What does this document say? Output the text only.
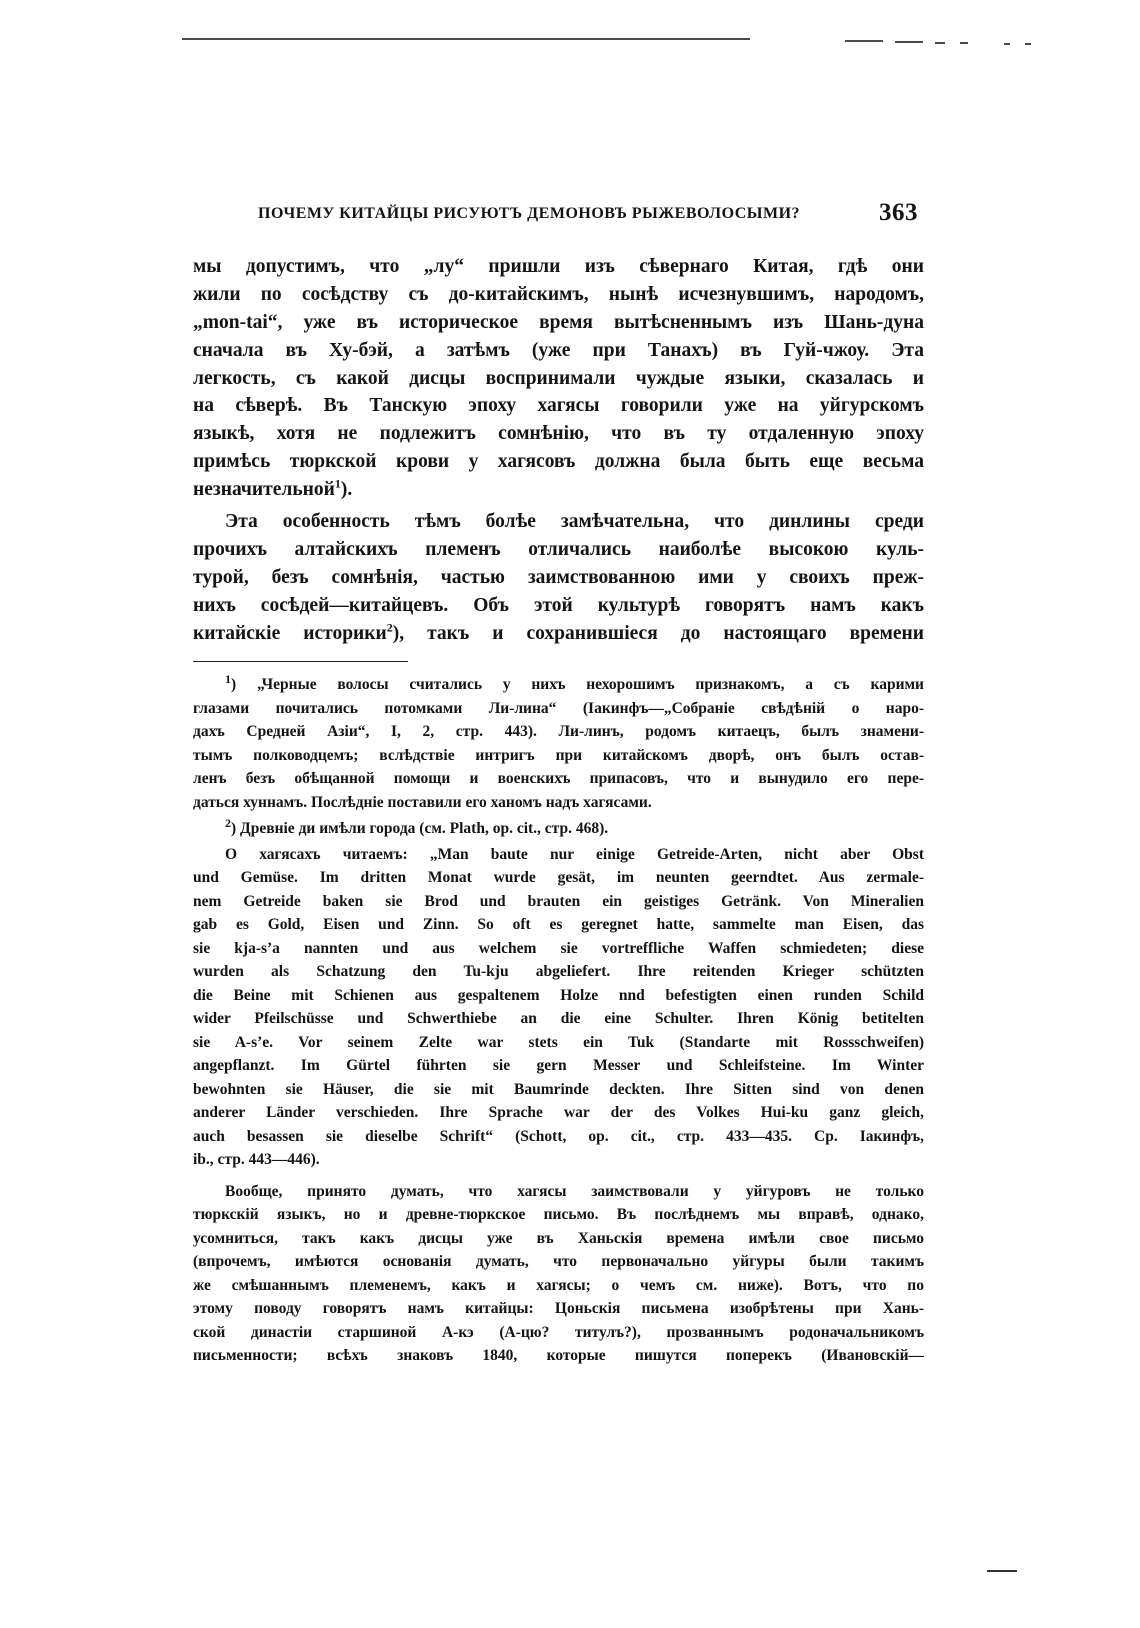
ПОЧЕМУ КИТАЙЦЫ РИСУЮТЪ ДЕМОНОВЪ РЫЖЕВОЛОСЫМИ?	363
мы допустимъ, что „лу“ пришли изъ сѣвернаго Китая, гдѣ они
жили по сосѣдству съ до-китайскимъ, нынѣ исчезнувшимъ, народомъ,
„mon-tai“, уже въ историческое время вытѣсненнымъ изъ Шань-дуна
сначала въ Ху-бэй, а затѣмъ (уже при Танахъ) въ Гуй-чжоу. Эта
легкость, съ какой дисцы воспринимали чуждые языки, сказалась и
на сѣверѣ. Въ Танскую эпоху хагясы говорили уже на уйгурскомъ
языкѣ, хотя не подлежитъ сомнѣнію, что въ ту отдаленную эпоху
примѣсь тюркской крови у хагясовъ должна была быть еще весьма
незначительной$^1$).
Эта особенность тѣмъ болѣе замѣчательна, что динлины среди
прочихъ алтайскихъ племенъ отличались наиболѣе высокою куль-
турой, безъ сомнѣнія, частью заимствованною ими у своихъ преж-
нихъ сосѣдей—китайцевъ. Объ этой культурѣ говорятъ намъ какъ
китайскіе историки$^2$), такъ и сохранившіеся до настоящаго времени
$^1$) „Черные волосы считались у нихъ нехорошимъ признакомъ, а съ карими
глазами почитались потомками Ли-лина“ (Іакинфъ—„Собраніе свѣдѣній о наро-
дахъ Средней Азіи“, I, 2, стр. 443). Ли-линъ, родомъ китаецъ, былъ знамени-
тымъ полководцемъ; вслѣдствіе интригъ при китайскомъ дворѣ, онъ былъ остав-
ленъ безъ обѣщанной помощи и военскихъ припасовъ, что и вынудило его пере-
даться хуннамъ. Послѣдніе поставили его ханомъ надъ хагясами.
$^2$) Древніе ди имѣли города (см. Plath, op. cit., стр. 468).
О хагясахъ читаемъ: „Man baute nur einige Getreide-Arten, nicht aber Obst
und Gemüse. Im dritten Monat wurde gesät, im neunten geerndtet. Aus zermale-
nem Getreide baken sie Brod und brauten ein geistiges Getränk. Von Mineralien
gab es Gold, Eisen und Zinn. So oft es geregnet hatte, sammelte man Eisen, das
sie kja-s’a nannten und aus welchem sie vortreffliche Waffen schmiedeten; diese
wurden als Schatzung den Tu-kju abgeliefert. Ihre reitenden Krieger schützten
die Beine mit Schienen aus gespaltenem Holze nnd befestigten einen runden Schild
wider Pfeilschüsse und Schwerthiebe an die eine Schulter. Ihren König betitelten
sie A-s’e. Vor seinem Zelte war stets ein Tuk (Standarte mit Rossschweifen)
angepflanzt. Im Gürtel führten sie gern Messer und Schleifsteine. Im Winter
bewohnten sie Häuser, die sie mit Baumrinde deckten. Ihre Sitten sind von denen
anderer Länder verschieden. Ihre Sprache war der des Volkes Hui-ku ganz gleich,
auch besassen sie dieselbe Schrift“ (Schott, op. cit., стр. 433—435. Ср. Іакинфъ,
ib., стр. 443—446).
Вообще, принято думать, что хагясы заимствовали у уйгуровъ не только
тюркскій языкъ, но и древне-тюркское письмо. Въ послѣднемъ мы вправѣ, однако,
усомниться, такъ какъ дисцы уже въ Ханьскія времена имѣли свое письмо
(впрочемъ, имѣются основанія думать, что первоначально уйгуры были такимъ
же смѣшаннымъ племенемъ, какъ и хагясы; о чемъ см. ниже). Вотъ, что по
этому поводу говорятъ намъ китайцы: Цоньскія письмена изобрѣтены при Хань-
ской династіи старшиной А-кэ (А-цю? титулъ?), прозваннымъ родоначальникомъ
письменности; всѣхъ знаковъ 1840, которые пишутся поперекъ (Ивановскій—
